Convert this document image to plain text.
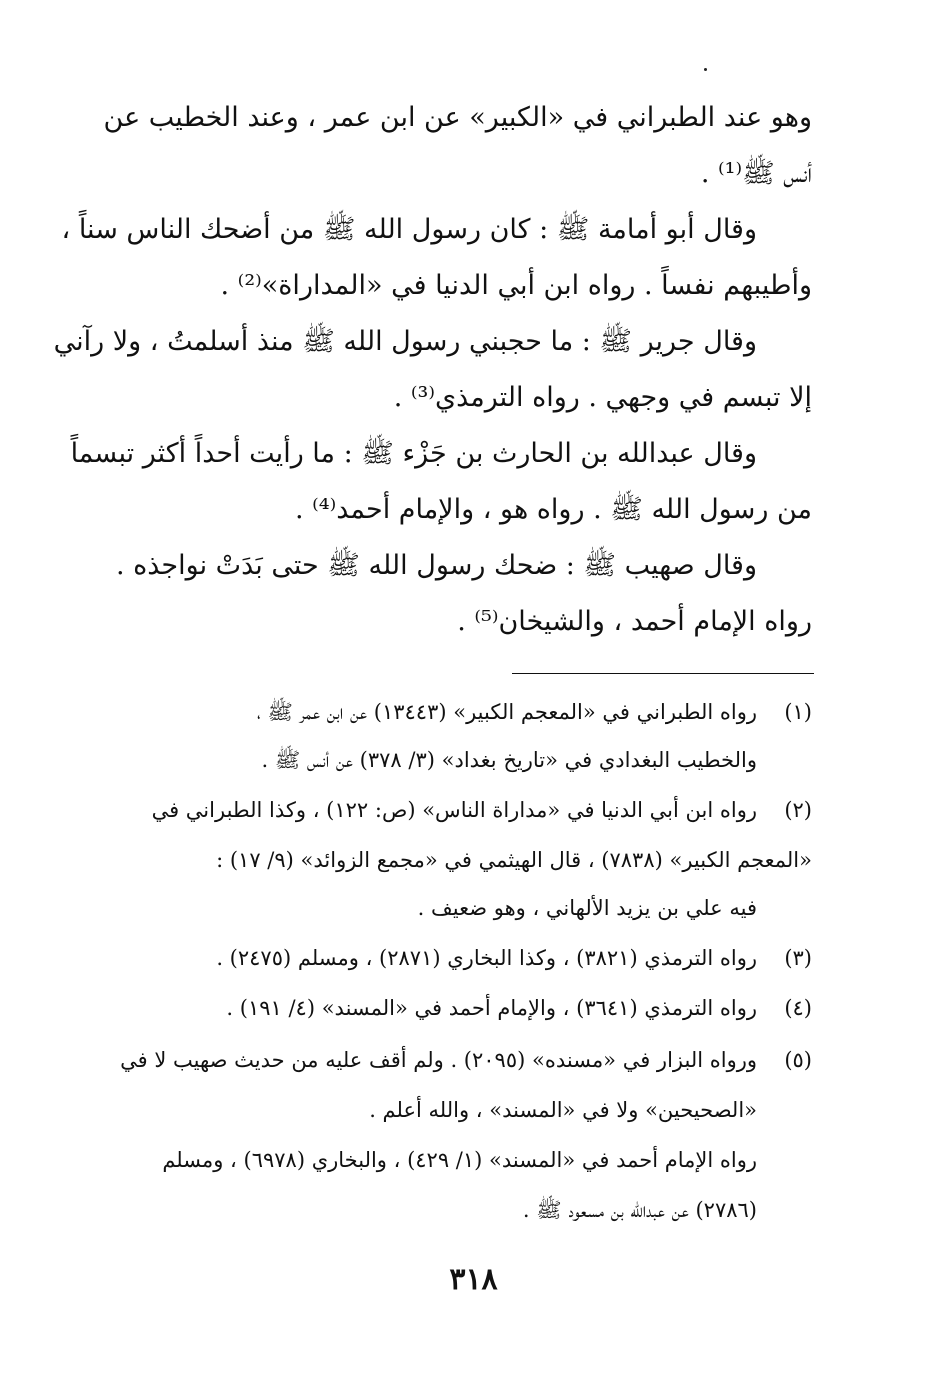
وهو عند الطبراني في «الكبير» عن ابن عمر ، وعند الخطيب عن
أنس ﷺ⁽¹⁾ .
وقال أبو أمامة ﷺ : كان رسول الله ﷺ من أضحك الناس سناً ،
وأطيبهم نفساً . رواه ابن أبي الدنيا في «المداراة»⁽²⁾ .
وقال جرير ﷺ : ما حجبني رسول الله ﷺ منذ أسلمتُ ، ولا رآني
إلا تبسم في وجهي . رواه الترمذي⁽³⁾ .
وقال عبدالله بن الحارث بن جَزْء ﷺ : ما رأيت أحداً أكثر تبسماً
من رسول الله ﷺ . رواه هو ، والإمام أحمد⁽⁴⁾ .
وقال صهيب ﷺ : ضحك رسول الله ﷺ حتى بَدَتْ نواجذه .
رواه الإمام أحمد ، والشيخان⁽⁵⁾ .
(١)
رواه الطبراني في «المعجم الكبير» (١٣٤٤٣) عن ابن عمر ﷺ ،
والخطيب البغدادي في «تاريخ بغداد» (٣/ ٣٧٨) عن أنس ﷺ .
(٢)
رواه ابن أبي الدنيا في «مداراة الناس» (ص: ١٢٢) ، وكذا الطبراني في
«المعجم الكبير» (٧٨٣٨) ، قال الهيثمي في «مجمع الزوائد» (٩/ ١٧) :
فيه علي بن يزيد الألهاني ، وهو ضعيف .
(٣)
رواه الترمذي (٣٨٢١) ، وكذا البخاري (٢٨٧١) ، ومسلم (٢٤٧٥) .
(٤)
رواه الترمذي (٣٦٤١) ، والإمام أحمد في «المسند» (٤/ ١٩١) .
(٥)
ورواه البزار في «مسنده» (٢٠٩٥) . ولم أقف عليه من حديث صهيب لا في
«الصحيحين» ولا في «المسند» ، والله أعلم .
رواه الإمام أحمد في «المسند» (١/ ٤٢٩) ، والبخاري (٦٩٧٨) ، ومسلم
(٢٧٨٦) عن عبدالله بن مسعود ﷺ .
٣١٨
